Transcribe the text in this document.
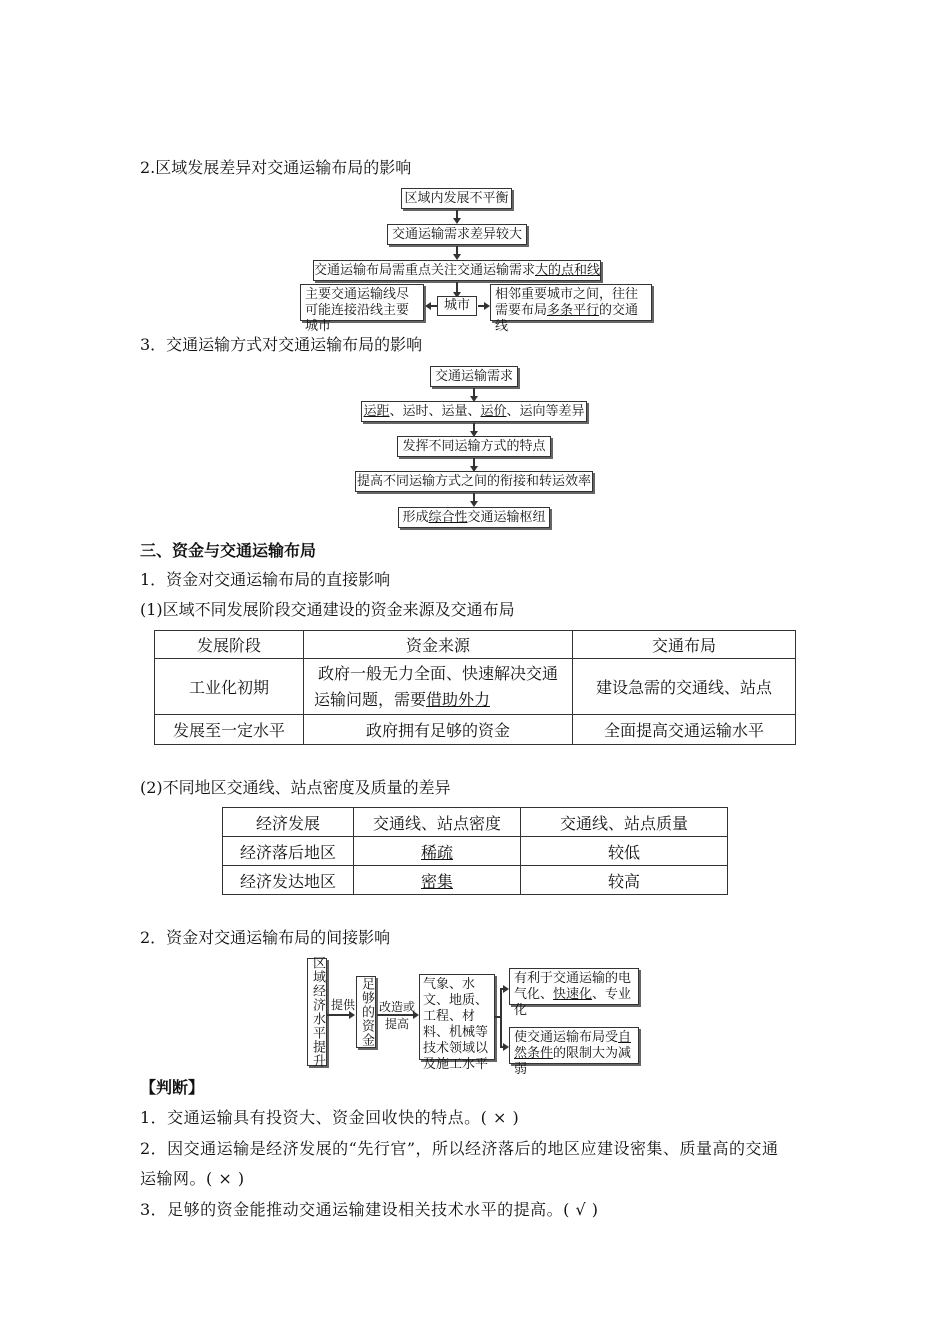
2.区域发展差异对交通运输布局的影响
区域内发展不平衡
交通运输需求差异较大
交通运输布局需重点关注交通运输需求 大的点和线
主要交通运输线尽可能连接沿线主要城市
城市
相邻重要城市之间，往往需要布局多条平行的交通线
3．交通运输方式对交通运输布局的影响
交通运输需求
运距 、运时、运量、 运价 、运向等差异
发挥不同运输方式的特点
提高不同运输方式之间的衔接和转运效率
形成 综合性 交通运输枢纽
三、资金与交通运输布局
1．资金对交通运输布局的直接影响
(1)区域不同发展阶段交通建设的资金来源及交通布局
发展阶段	资金来源	交通布局
工业化初期	政府一般无力全面、快速解决交通
运输问题，需要借助外力	建设急需的交通线、站点
发展至一定水平	政府拥有足够的资金	全面提高交通运输水平
(2)不同地区交通线、站点密度及质量的差异
经济发展	交通线、站点密度	交通线、站点质量
经济落后地区	稀疏	较低
经济发达地区	密集	较高
2．资金对交通运输布局的间接影响
区域经济水平提升 提供 足够的资金 改造或
提高
气象、水文、地质、工程、材料、机械等技术领域以及施工水平
有利于交通运输的电气化、快速化、专业化
使交通运输布局受自然条件的限制大为减弱
【判断】
1．交通运输具有投资大、资金回收快的特点。( × )
2．因交通运输是经济发展的“先行官”，所以经济落后的地区应建设密集、质量高的交通
运输网。( × )
3．足够的资金能推动交通运输建设相关技术水平的提高。( √ )
